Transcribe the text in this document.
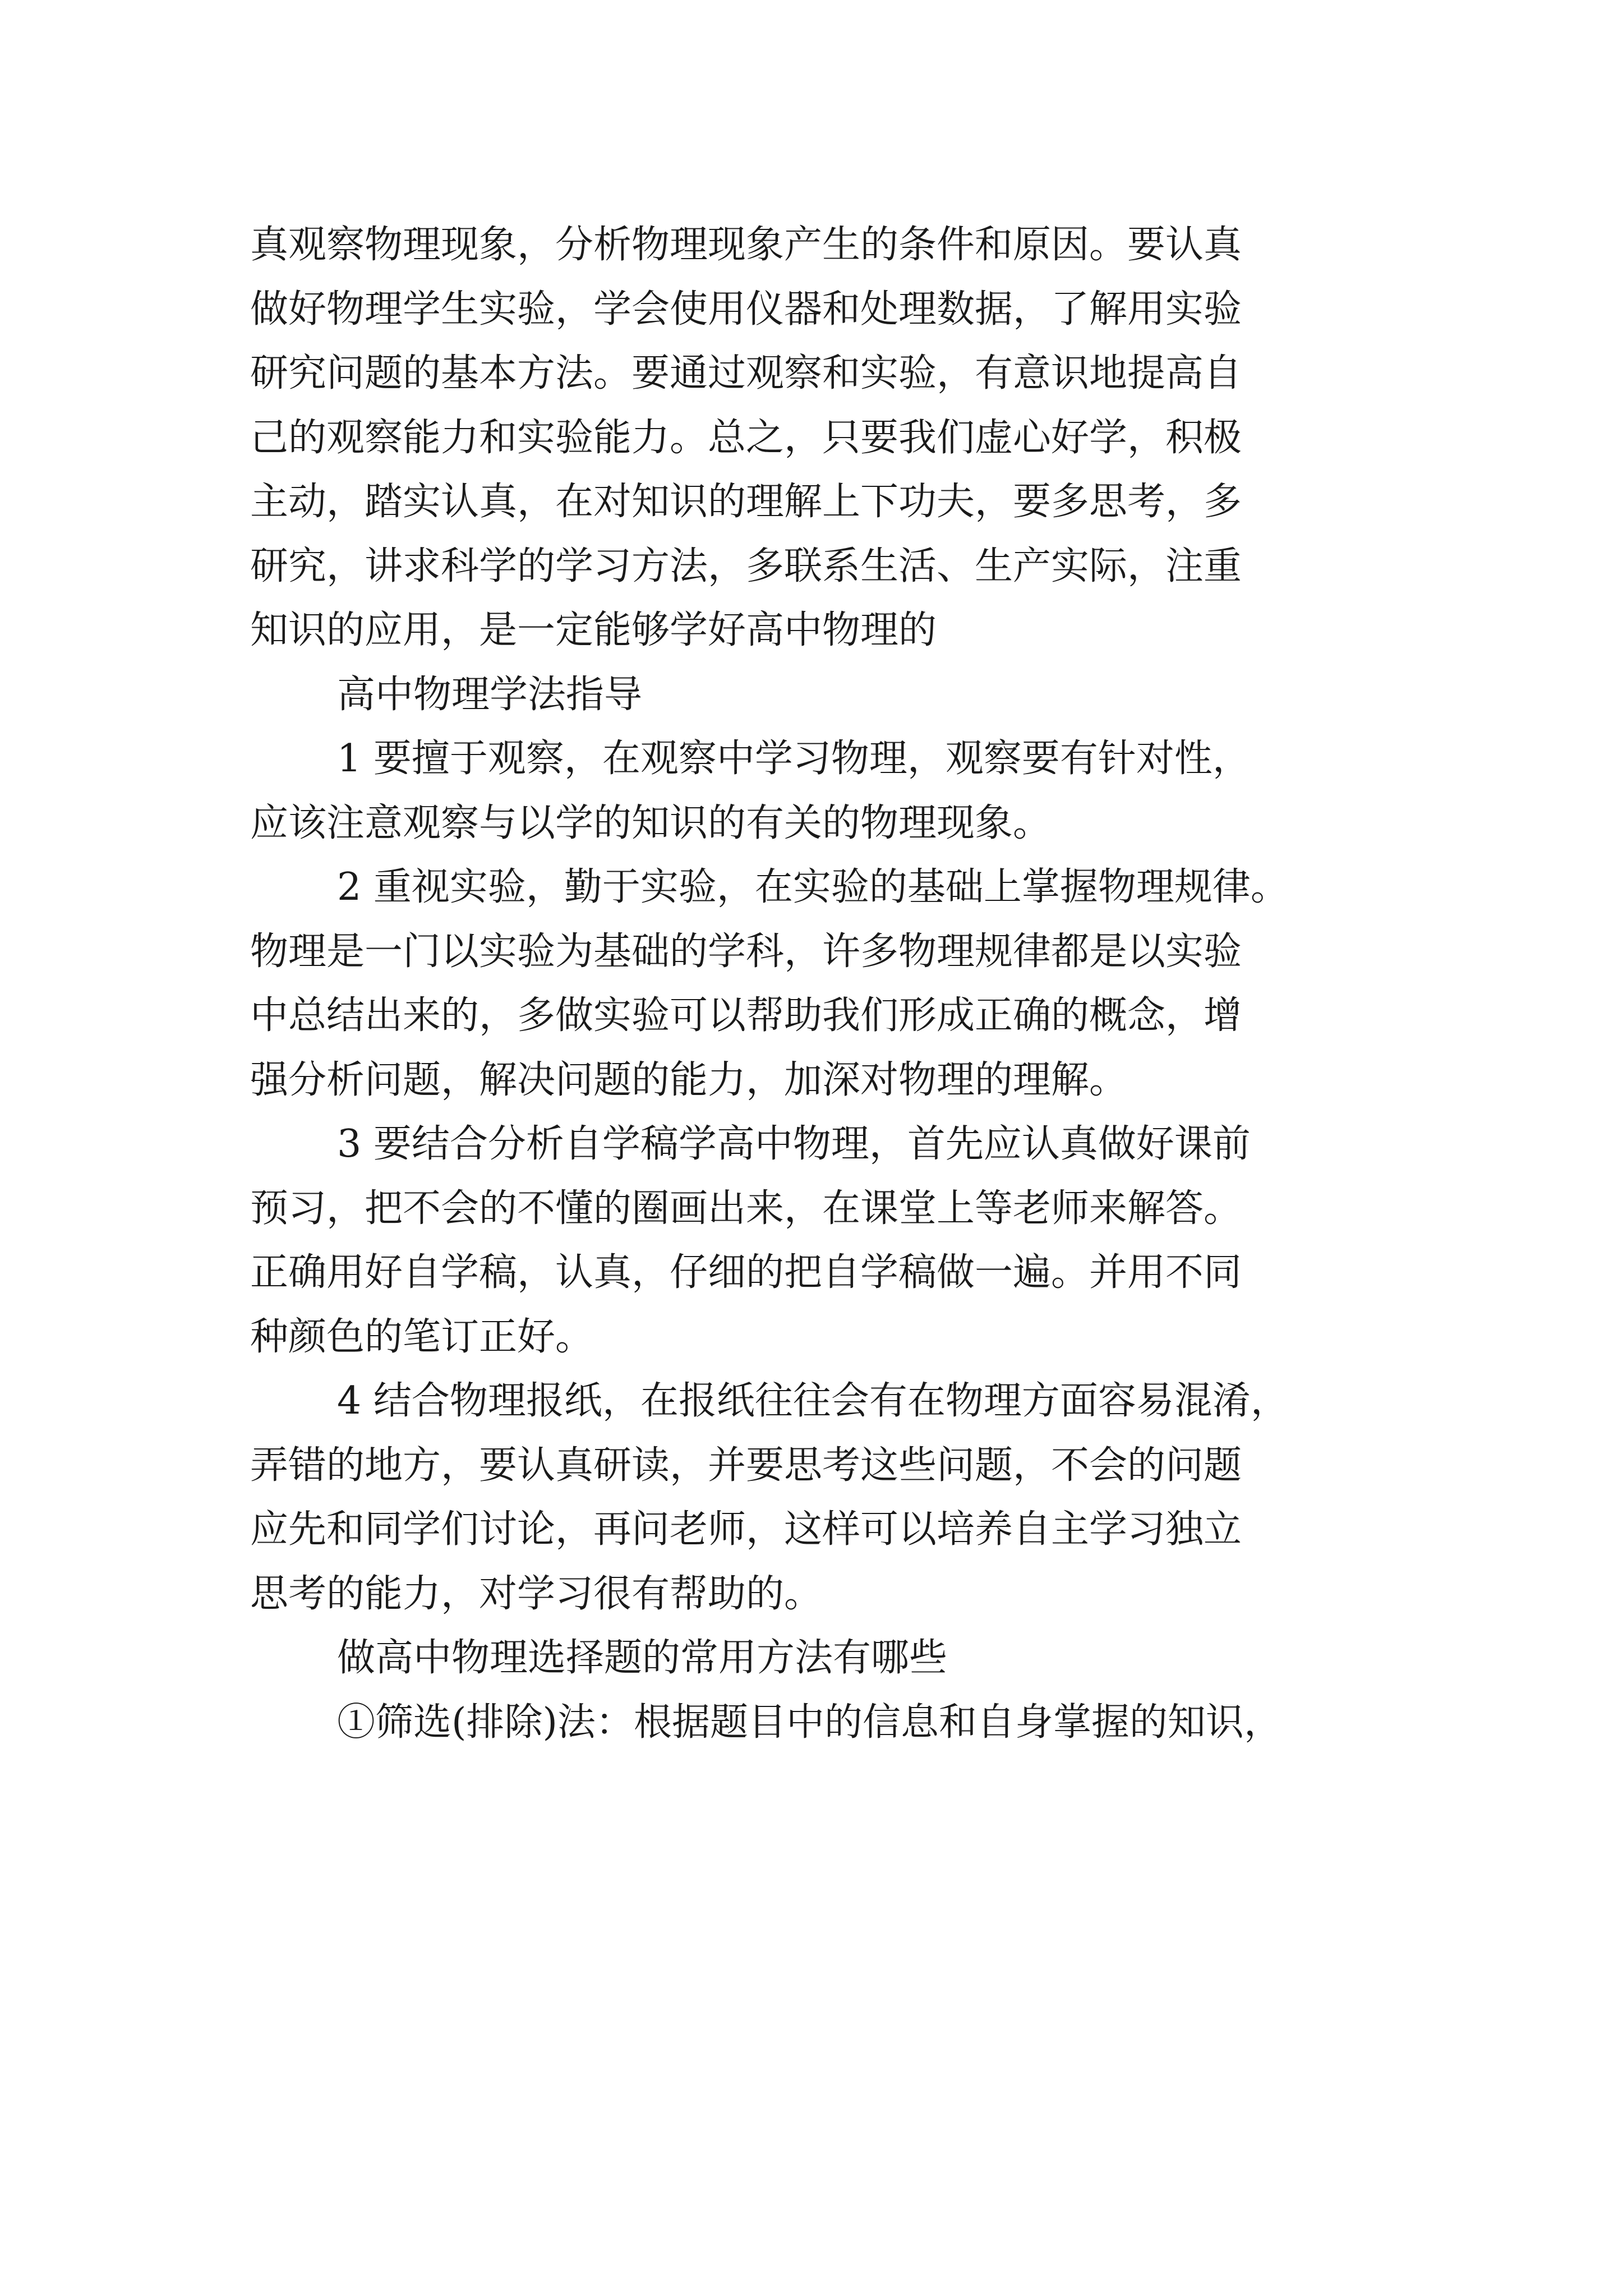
真观察物理现象，分析物理现象产生的条件和原因。要认真
做好物理学生实验，学会使用仪器和处理数据，了解用实验
研究问题的基本方法。要通过观察和实验，有意识地提高自
己的观察能力和实验能力。总之，只要我们虚心好学，积极
主动，踏实认真，在对知识的理解上下功夫，要多思考，多
研究，讲求科学的学习方法，多联系生活、生产实际，注重
知识的应用，是一定能够学好高中物理的
高中物理学法指导
1 要擅于观察，在观察中学习物理，观察要有针对性，
应该注意观察与以学的知识的有关的物理现象。
2 重视实验，勤于实验，在实验的基础上掌握物理规律。
物理是一门以实验为基础的学科，许多物理规律都是以实验
中总结出来的，多做实验可以帮助我们形成正确的概念，增
强分析问题，解决问题的能力，加深对物理的理解。
3 要结合分析自学稿学高中物理，首先应认真做好课前
预习，把不会的不懂的圈画出来，在课堂上等老师来解答。
正确用好自学稿，认真，仔细的把自学稿做一遍。并用不同
种颜色的笔订正好。
4 结合物理报纸，在报纸往往会有在物理方面容易混淆，
弄错的地方，要认真研读，并要思考这些问题，不会的问题
应先和同学们讨论，再问老师，这样可以培养自主学习独立
思考的能力，对学习很有帮助的。
做高中物理选择题的常用方法有哪些
①筛选(排除)法：根据题目中的信息和自身掌握的知识，
